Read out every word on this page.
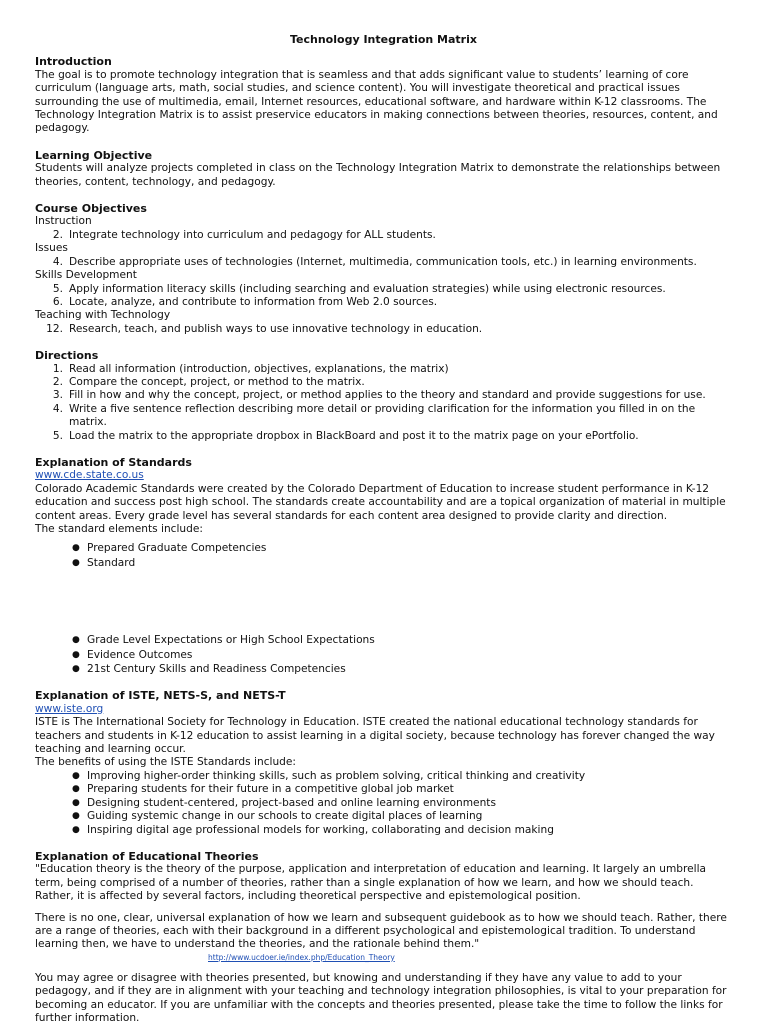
Technology Integration Matrix
Introduction

The goal is to promote technology integration that is seamless and that adds significant value to students’ learning of core curriculum (language arts, math, social studies, and science content). You will investigate theoretical and practical issues surrounding the use of multimedia, email, Internet resources, educational software, and hardware within K-12 classrooms. The Technology Integration Matrix is to assist preservice educators in making connections between theories, resources, content, and pedagogy.

Learning Objective

Students will analyze projects completed in class on the Technology Integration Matrix to demonstrate the relationships between theories, content, technology, and pedagogy.

Course Objectives
Instruction
2. Integrate technology into curriculum and pedagogy for ALL students.
Issues
4. Describe appropriate uses of technologies (Internet, multimedia, communication tools, etc.) in learning environments.
Skills Development
5. Apply information literacy skills (including searching and evaluation strategies) while using electronic resources.
6. Locate, analyze, and contribute to information from Web 2.0 sources.
Teaching with Technology
12. Research, teach, and publish ways to use innovative technology in education.
Directions
1. Read all information (introduction, objectives, explanations, the matrix)
2. Compare the concept, project, or method to the matrix.
3. Fill in how and why the concept, project, or method applies to the theory and standard and provide suggestions for use.
4. Write a five sentence reflection describing more detail or providing clarification for the information you filled in on the matrix.
5. Load the matrix to the appropriate dropbox in BlackBoard and post it to the matrix page on your ePortfolio.
Explanation of Standards
www.cde.state.co.us

Colorado Academic Standards were created by the Colorado Department of Education to increase student performance in K-12 education and success post high school. The standards create accountability and are a topical organization of material in multiple content areas. Every grade level has several standards for each content area designed to provide clarity and direction.

The standard elements include:

● Prepared Graduate Competencies
● Standard
● Grade Level Expectations or High School Expectations
● Evidence Outcomes
● 21st Century Skills and Readiness Competencies
Explanation of ISTE, NETS-S, and NETS-T
www.iste.org

ISTE is The International Society for Technology in Education. ISTE created the national educational technology standards for teachers and students in K-12 education to assist learning in a digital society, because technology has forever changed the way teaching and learning occur.

The benefits of using the ISTE Standards include:

● Improving higher-order thinking skills, such as problem solving, critical thinking and creativity
● Preparing students for their future in a competitive global job market
● Designing student-centered, project-based and online learning environments
● Guiding systemic change in our schools to create digital places of learning
● Inspiring digital age professional models for working, collaborating and decision making
Explanation of Educational Theories

"Education theory is the theory of the purpose, application and interpretation of education and learning. It largely an umbrella term, being comprised of a number of theories, rather than a single explanation of how we learn, and how we should teach. Rather, it is affected by several factors, including theoretical perspective and epistemological position.

There is no one, clear, universal explanation of how we learn and subsequent guidebook as to how we should teach. Rather, there are a range of theories, each with their background in a different psychological and epistemological tradition. To understand learning then, we have to understand the theories, and the rationale behind them."

http://www.ucdoer.ie/index.php/Education_Theory

You may agree or disagree with theories presented, but knowing and understanding if they have any value to add to your pedagogy, and if they are in alignment with your teaching and technology integration philosophies, is vital to your preparation for becoming an educator. If you are unfamiliar with the concepts and theories presented, please take the time to follow the links for further information.
